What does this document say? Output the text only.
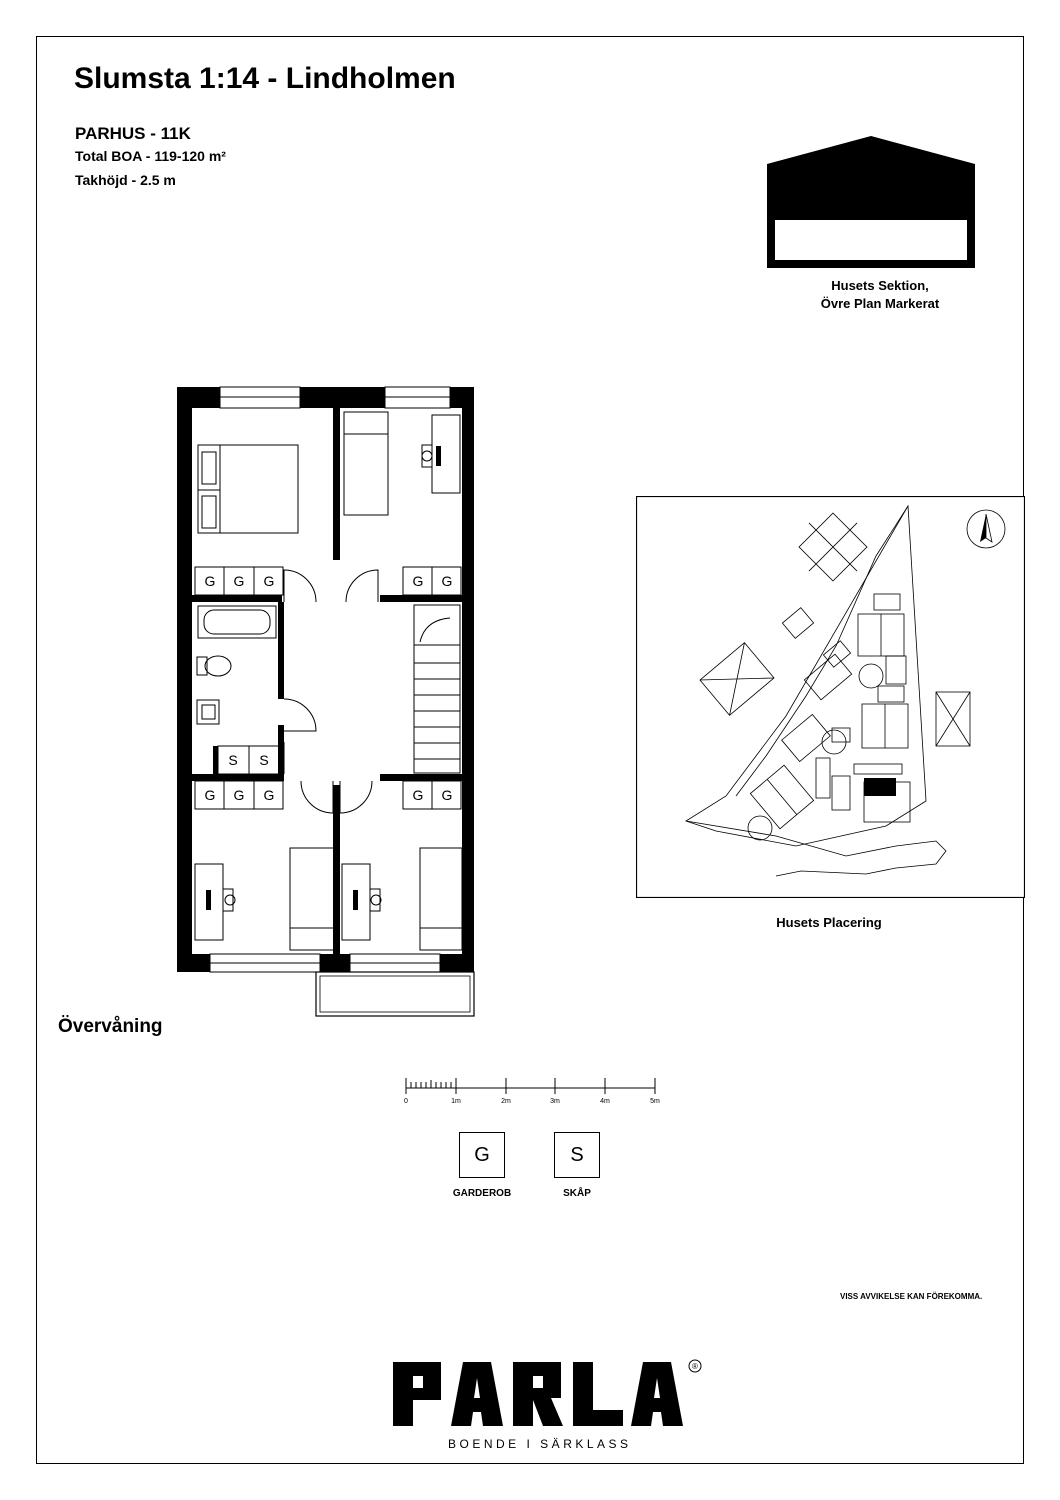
Slumsta 1:14 - Lindholmen
PARHUS - 11K
Total BOA - 119-120 m²
Takhöjd - 2.5 m
Husets Sektion,
Övre Plan Markerat
G G G	G G
G G G	G G
S S
Övervåning
Husets Placering
0	1m	2m	3m	4m	5m
G
GARDEROB
S
SKÅP
VISS AVVIKELSE KAN FÖREKOMMA.
®
BOENDE I SÄRKLASS
